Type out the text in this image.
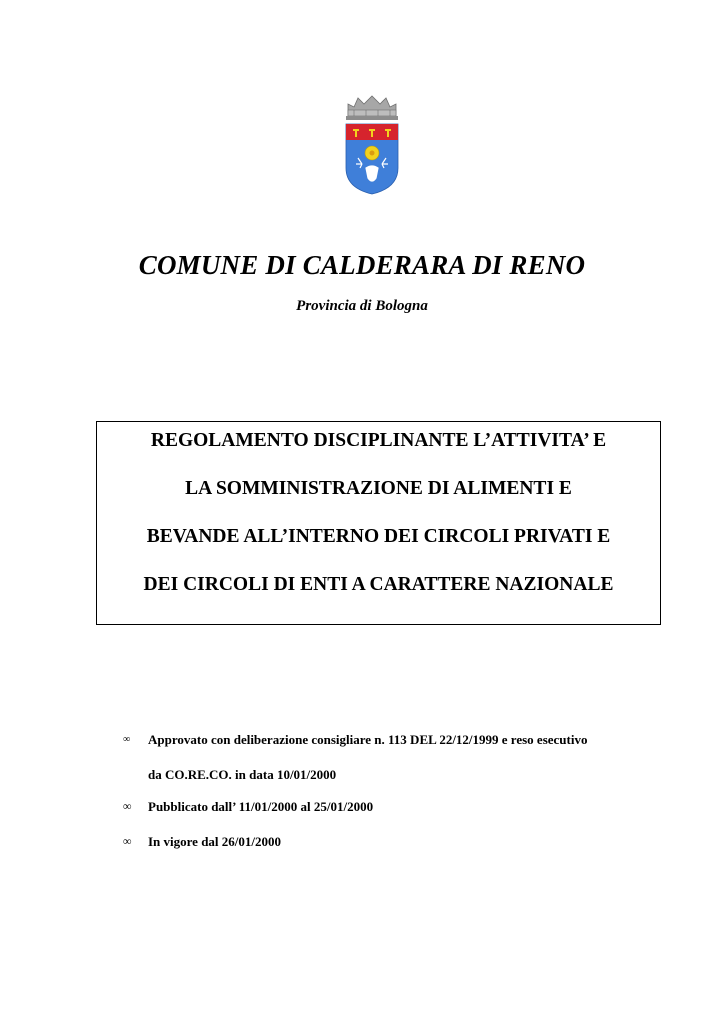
COMUNE DI CALDERARA DI RENO
Provincia di Bologna
REGOLAMENTO DISCIPLINANTE L’ATTIVITA’ E
LA SOMMINISTRAZIONE DI ALIMENTI E
BEVANDE ALL’INTERNO DEI CIRCOLI PRIVATI E
DEI CIRCOLI DI ENTI A CARATTERE NAZIONALE
∞ Approvato con deliberazione consigliare n. 113 DEL 22/12/1999 e reso esecutivo
da CO.RE.CO. in data 10/01/2000
∞ Pubblicato dall’ 11/01/2000 al 25/01/2000
∞ In vigore dal 26/01/2000
